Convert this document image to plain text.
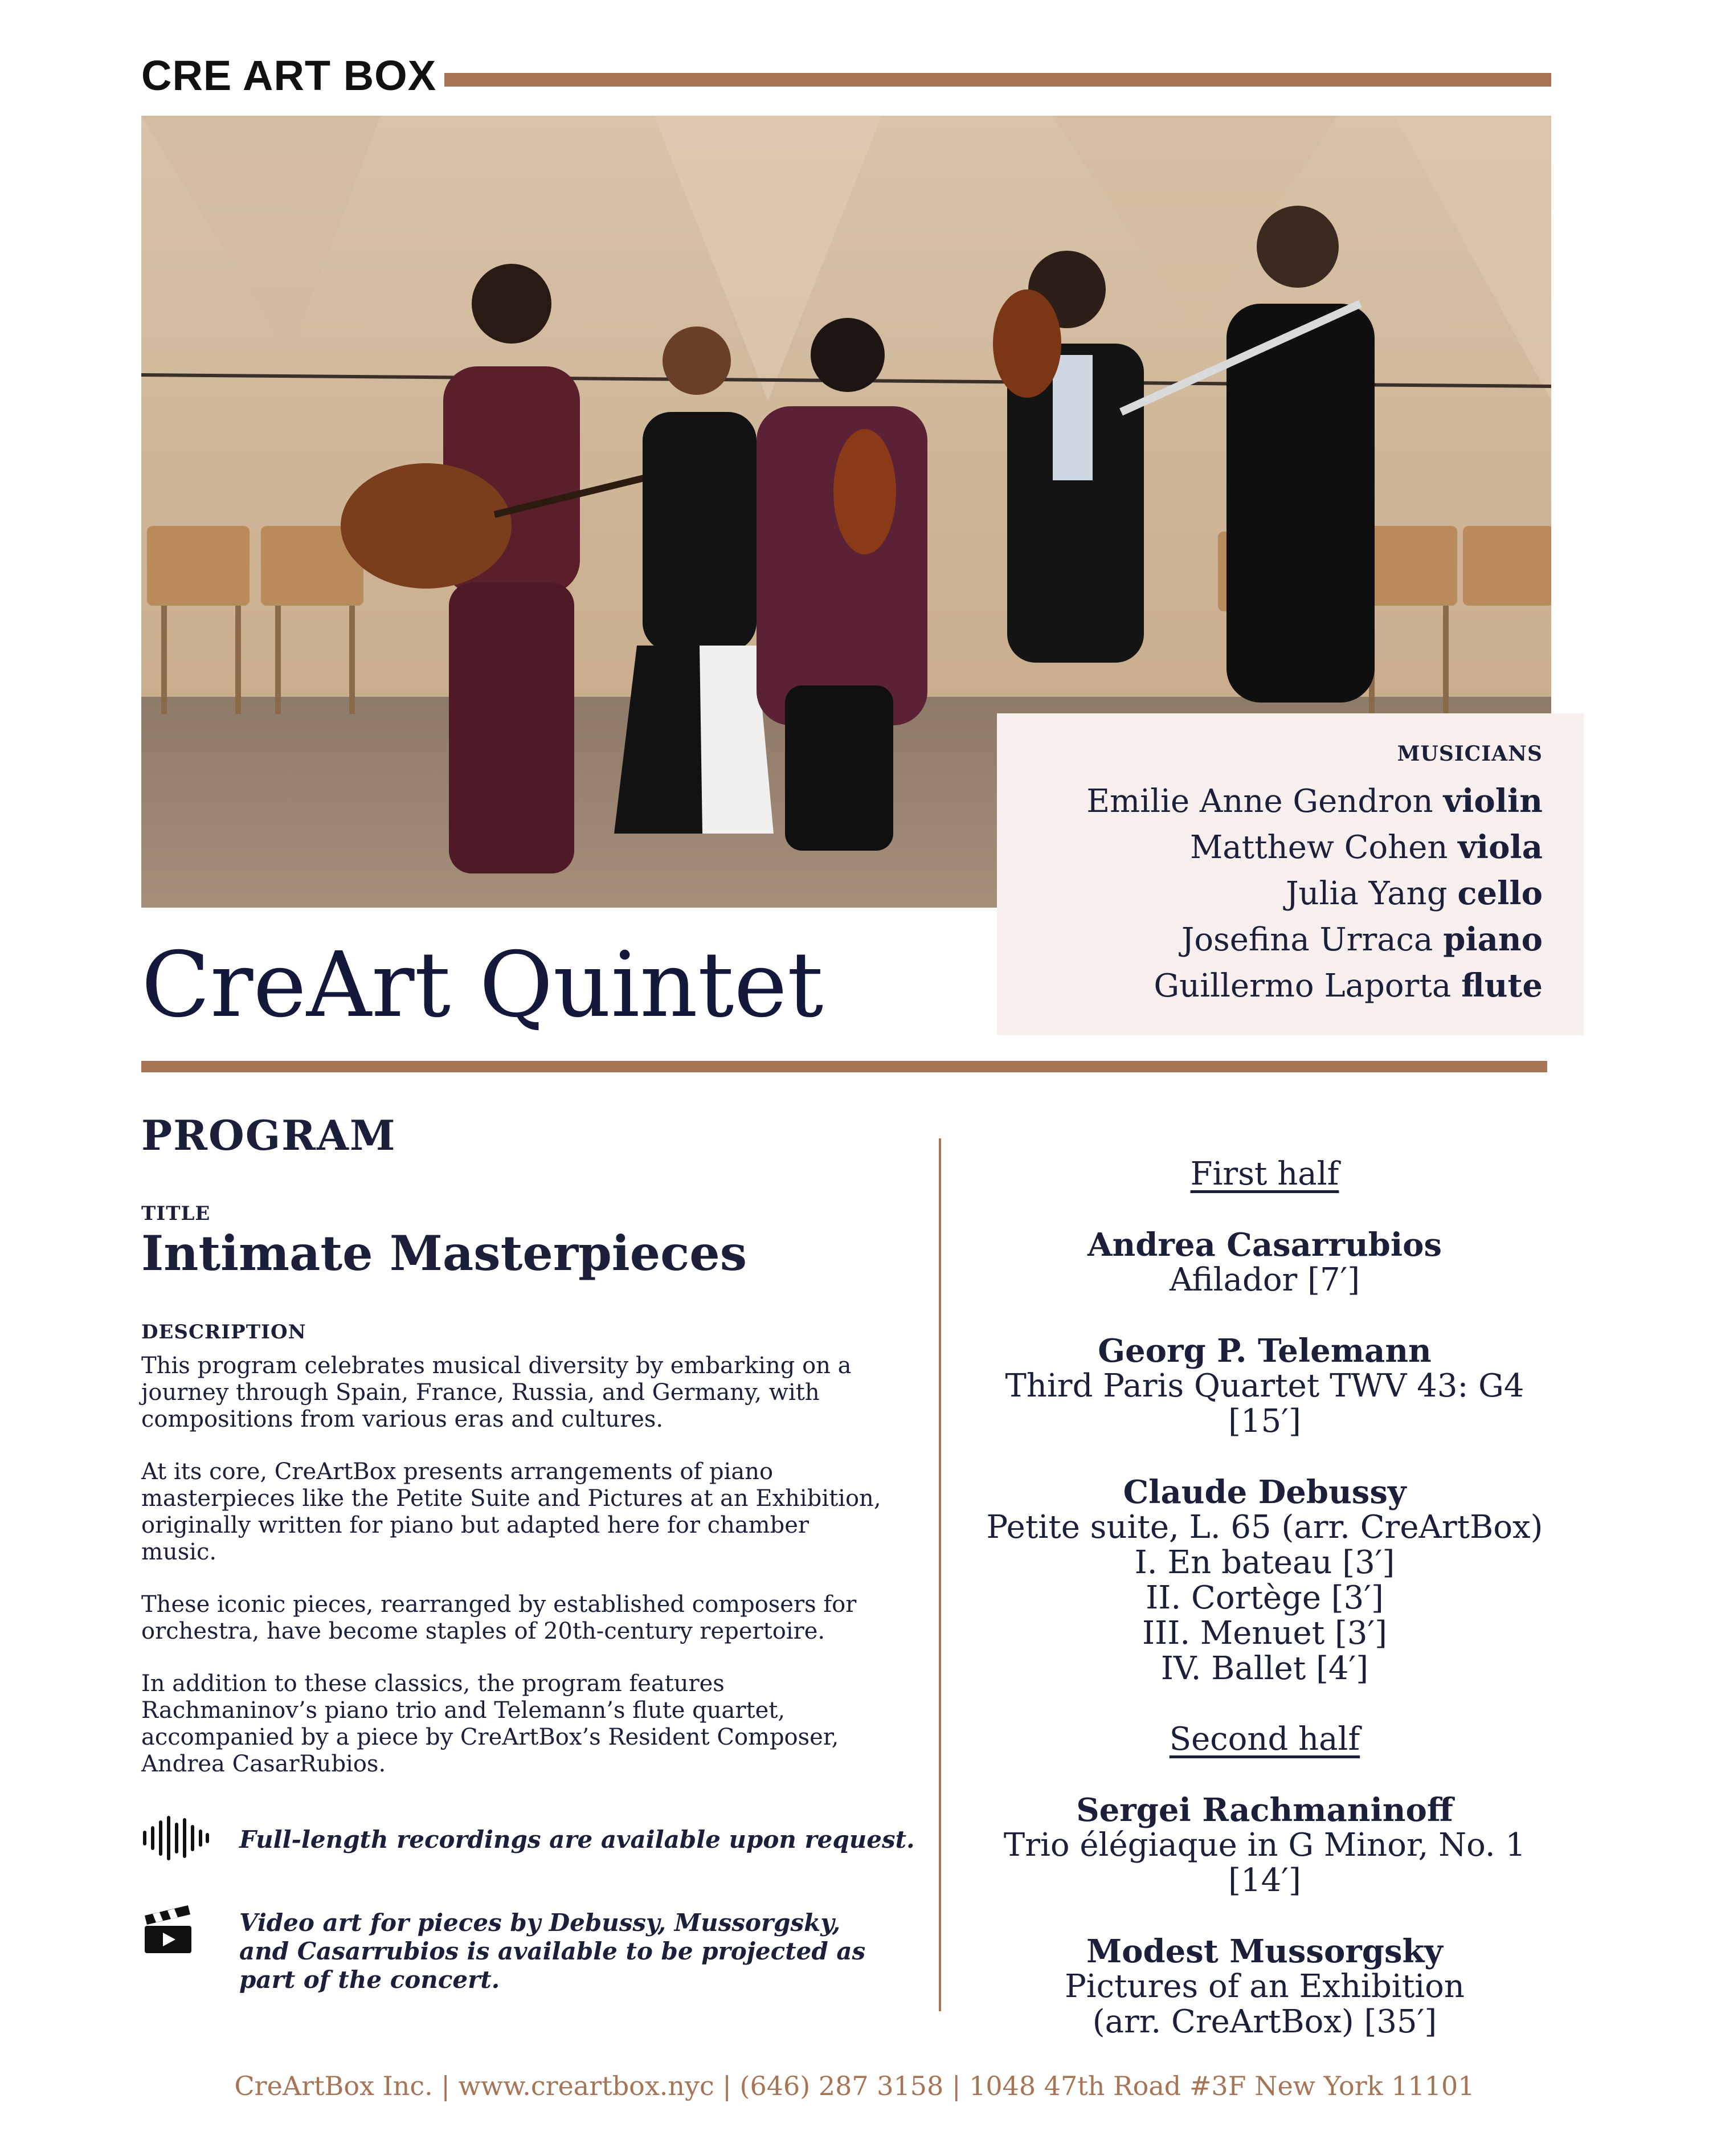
CRE ART BOX
MUSICIANS
Emilie Anne Gendron violin
Matthew Cohen viola
Julia Yang cello
Josefina Urraca piano
Guillermo Laporta flute
CreArt Quintet
PROGRAM
TITLE
Intimate Masterpieces
DESCRIPTION

This program celebrates musical diversity by embarking on a journey through Spain, France, Russia, and Germany, with compositions from various eras and cultures.

At its core, CreArtBox presents arrangements of piano masterpieces like the Petite Suite and Pictures at an Exhibition, originally written for piano but adapted here for chamber music.

These iconic pieces, rearranged by established composers for orchestra, have become staples of 20th-century repertoire.

In addition to these classics, the program features Rachmaninov’s piano trio and Telemann’s flute quartet, accompanied by a piece by CreArtBox’s Resident Composer, Andrea CasarRubios.

Full-length recordings are available upon request.
Video art for pieces by Debussy, Mussorgsky, and Casarrubios is available to be projected as part of the concert.
First half
Andrea Casarrubios
Afilador [7′]
Georg P. Telemann
Third Paris Quartet TWV 43: G4 [15′]
Claude Debussy
Petite suite, L. 65 (arr. CreArtBox)
I. En bateau [3′]
II. Cortège [3′]
III. Menuet [3′]
IV. Ballet [4′]
Second half
Sergei Rachmaninoff
Trio élégiaque in G Minor, No. 1 [14′]
Modest Mussorgsky
Pictures of an Exhibition
(arr. CreArtBox) [35′]
CreArtBox Inc. | www.creartbox.nyc | (646) 287 3158 | 1048 47th Road #3F New York 11101
